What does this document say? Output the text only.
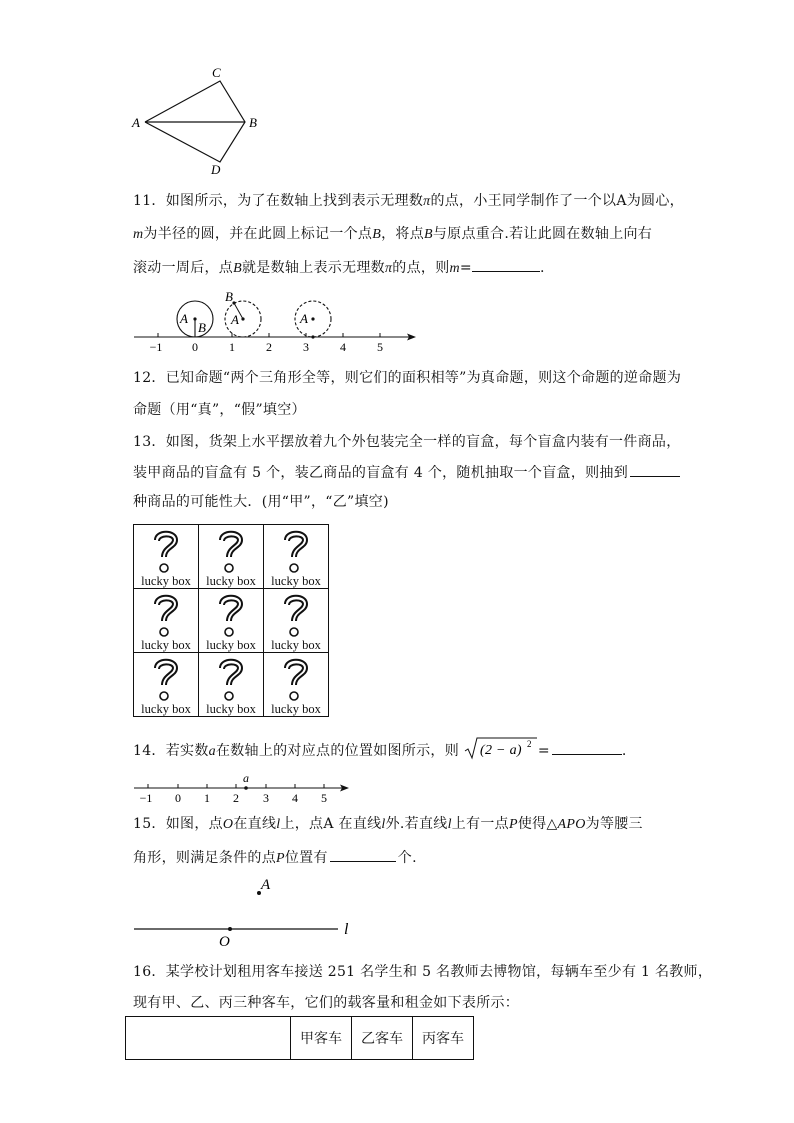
C
A	B
D
11．如图所示，为了在数轴上找到表示无理数π的点，小王同学制作了一个以A为圆心，
m为半径的圆，并在此圆上标记一个点B，将点B与原点重合.若让此圆在数轴上向右
滚动一周后，点B就是数轴上表示无理数π的点，则m=	.
−1 0	1	2	3	4	5
A
B
B
A	A
12．已知命题“两个三角形全等，则它们的面积相等”为真命题，则这个命题的逆命题为
命题（用“真”，“假”填空）
13．如图，货架上水平摆放着九个外包装完全一样的盲盒，每个盲盒内装有一件商品，
装甲商品的盲盒有 5 个，装乙商品的盲盒有 4 个，随机抽取一个盲盒，则抽到
种商品的可能性大．(用“甲”，“乙”填空)
lucky box	lucky box	lucky box

lucky box	lucky box	lucky box

lucky box	lucky box	lucky box
14．若实数a在数轴上的对应点的位置如图所示，则 (2 − a) 2 =	.
a
−1 0 1 2 3 4 5
15．如图，点O在直线l上，点A 在直线l外.若直线l上有一点P使得△APO为等腰三
角形，则满足条件的点P位置有	个.
A
O
l
16．某学校计划租用客车接送 251 名学生和 5 名教师去博物馆，每辆车至少有 1 名教师，
现有甲、乙、丙三种客车，它们的载客量和租金如下表所示：
	甲客车	乙客车	丙客车
